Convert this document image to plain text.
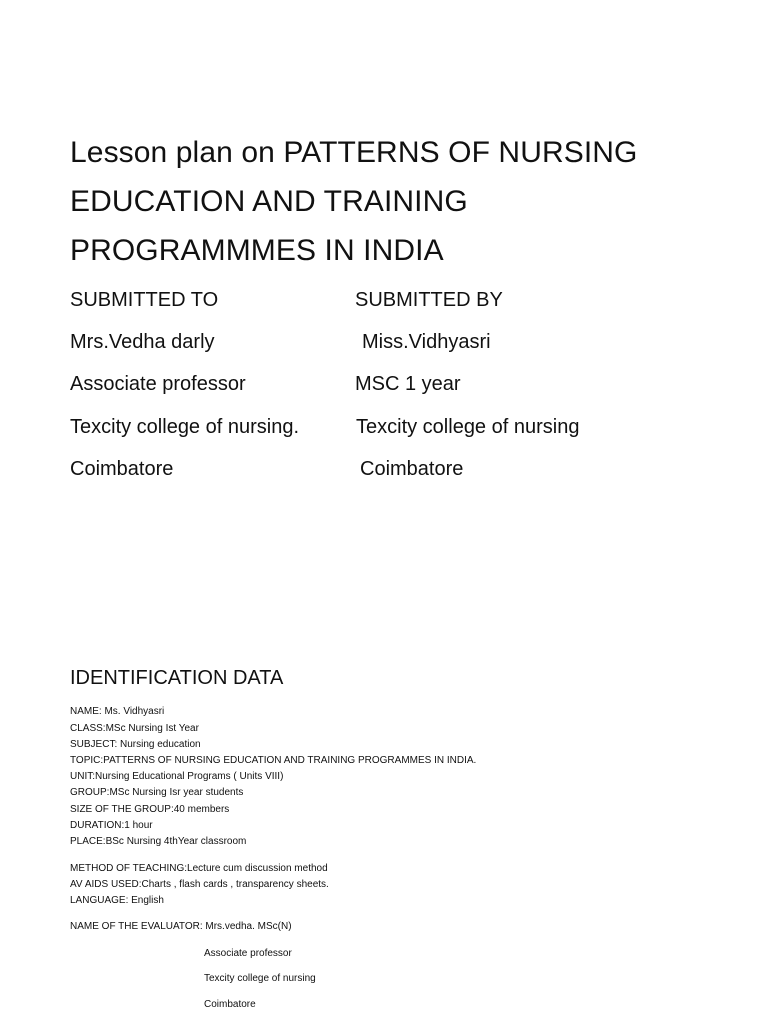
Lesson plan on PATTERNS OF NURSING
EDUCATION AND TRAINING
PROGRAMMMES IN INDIA
SUBMITTED TO	SUBMITTED BY
Mrs.Vedha darly	Miss.Vidhyasri
Associate professor	MSC 1 year
Texcity college of nursing.	Texcity college of nursing
Coimbatore	Coimbatore
IDENTIFICATION DATA
NAME: Ms. Vidhyasri
CLASS:MSc Nursing Ist Year
SUBJECT: Nursing education
TOPIC:PATTERNS OF NURSING EDUCATION AND TRAINING PROGRAMMES IN INDIA.
UNIT:Nursing Educational Programs ( Units VIII)
GROUP:MSc Nursing Isr year students
SIZE OF THE GROUP:40 members
DURATION:1 hour
PLACE:BSc Nursing 4thYear classroom
METHOD OF TEACHING:Lecture cum discussion method
AV AIDS USED:Charts , flash cards , transparency sheets.
LANGUAGE: English
NAME OF THE EVALUATOR: Mrs.vedha. MSc(N)
Associate professor
Texcity college of nursing
Coimbatore
